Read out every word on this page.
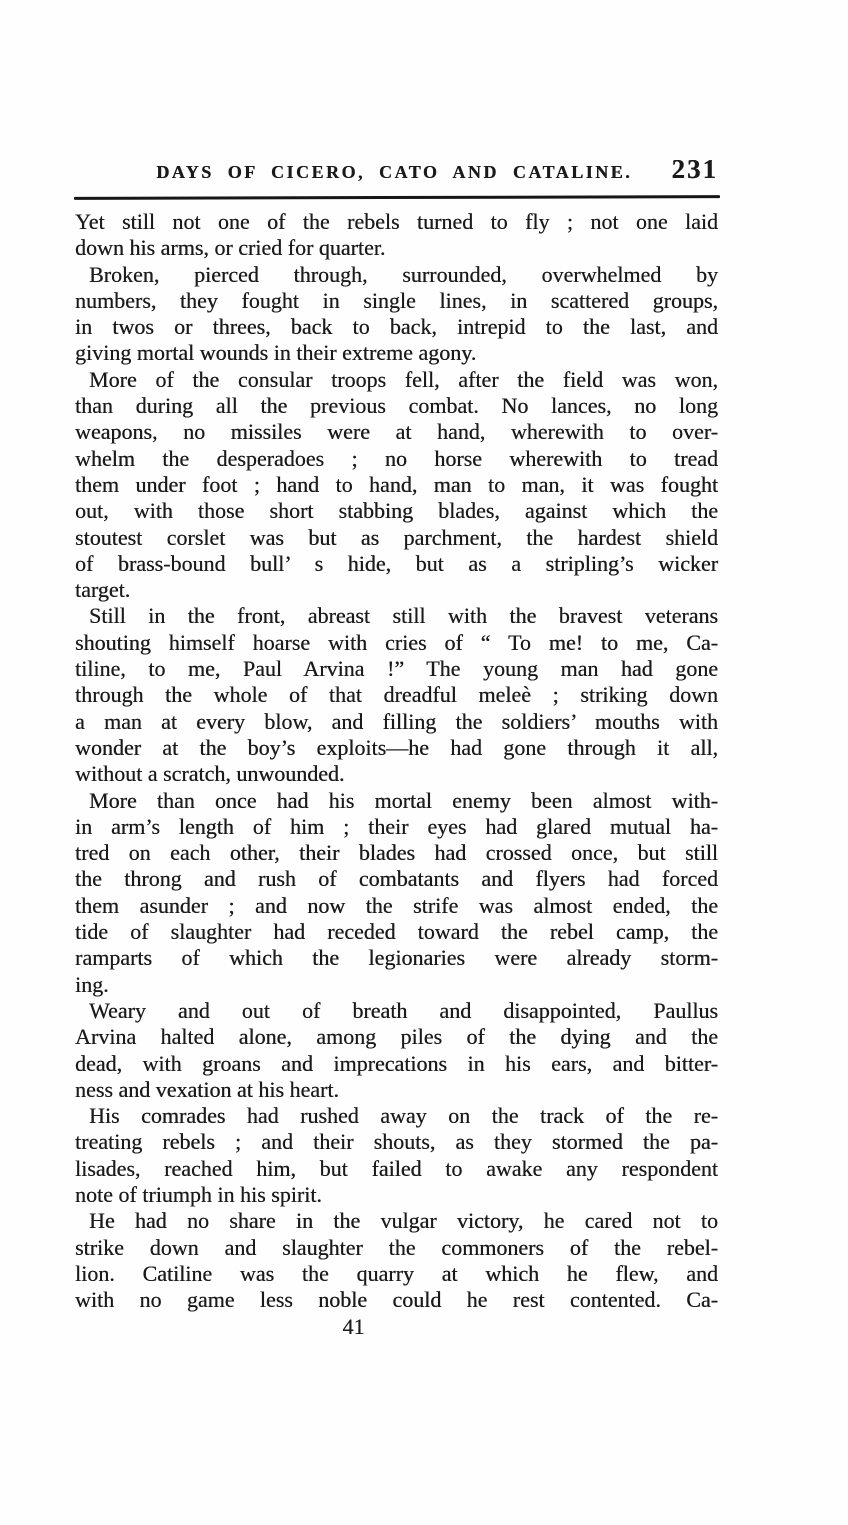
DAYS OF CICERO, CATO AND CATALINE.	231
Yet still not one of the rebels turned to fly ; not one laid
down his arms, or cried for quarter.
Broken, pierced through, surrounded, overwhelmed by
numbers, they fought in single lines, in scattered groups,
in twos or threes, back to back, intrepid to the last, and
giving mortal wounds in their extreme agony.
More of the consular troops fell, after the field was won,
than during all the previous combat. No lances, no long
weapons, no missiles were at hand, wherewith to over-
whelm the desperadoes ; no horse wherewith to tread
them under foot ; hand to hand, man to man, it was fought
out, with those short stabbing blades, against which the
stoutest corslet was but as parchment, the hardest shield
of brass-bound bull’ s hide, but as a stripling’s wicker
target.
Still in the front, abreast still with the bravest veterans
shouting himself hoarse with cries of “ To me! to me, Ca-
tiline, to me, Paul Arvina !” The young man had gone
through the whole of that dreadful meleè ; striking down
a man at every blow, and filling the soldiers’ mouths with
wonder at the boy’s exploits—he had gone through it all,
without a scratch, unwounded.
More than once had his mortal enemy been almost with-
in arm’s length of him ; their eyes had glared mutual ha-
tred on each other, their blades had crossed once, but still
the throng and rush of combatants and flyers had forced
them asunder ; and now the strife was almost ended, the
tide of slaughter had receded toward the rebel camp, the
ramparts of which the legionaries were already storm-
ing.
Weary and out of breath and disappointed, Paullus
Arvina halted alone, among piles of the dying and the
dead, with groans and imprecations in his ears, and bitter-
ness and vexation at his heart.
His comrades had rushed away on the track of the re-
treating rebels ; and their shouts, as they stormed the pa-
lisades, reached him, but failed to awake any respondent
note of triumph in his spirit.
He had no share in the vulgar victory, he cared not to
strike down and slaughter the commoners of the rebel-
lion. Catiline was the quarry at which he flew, and
with no game less noble could he rest contented. Ca-
41
